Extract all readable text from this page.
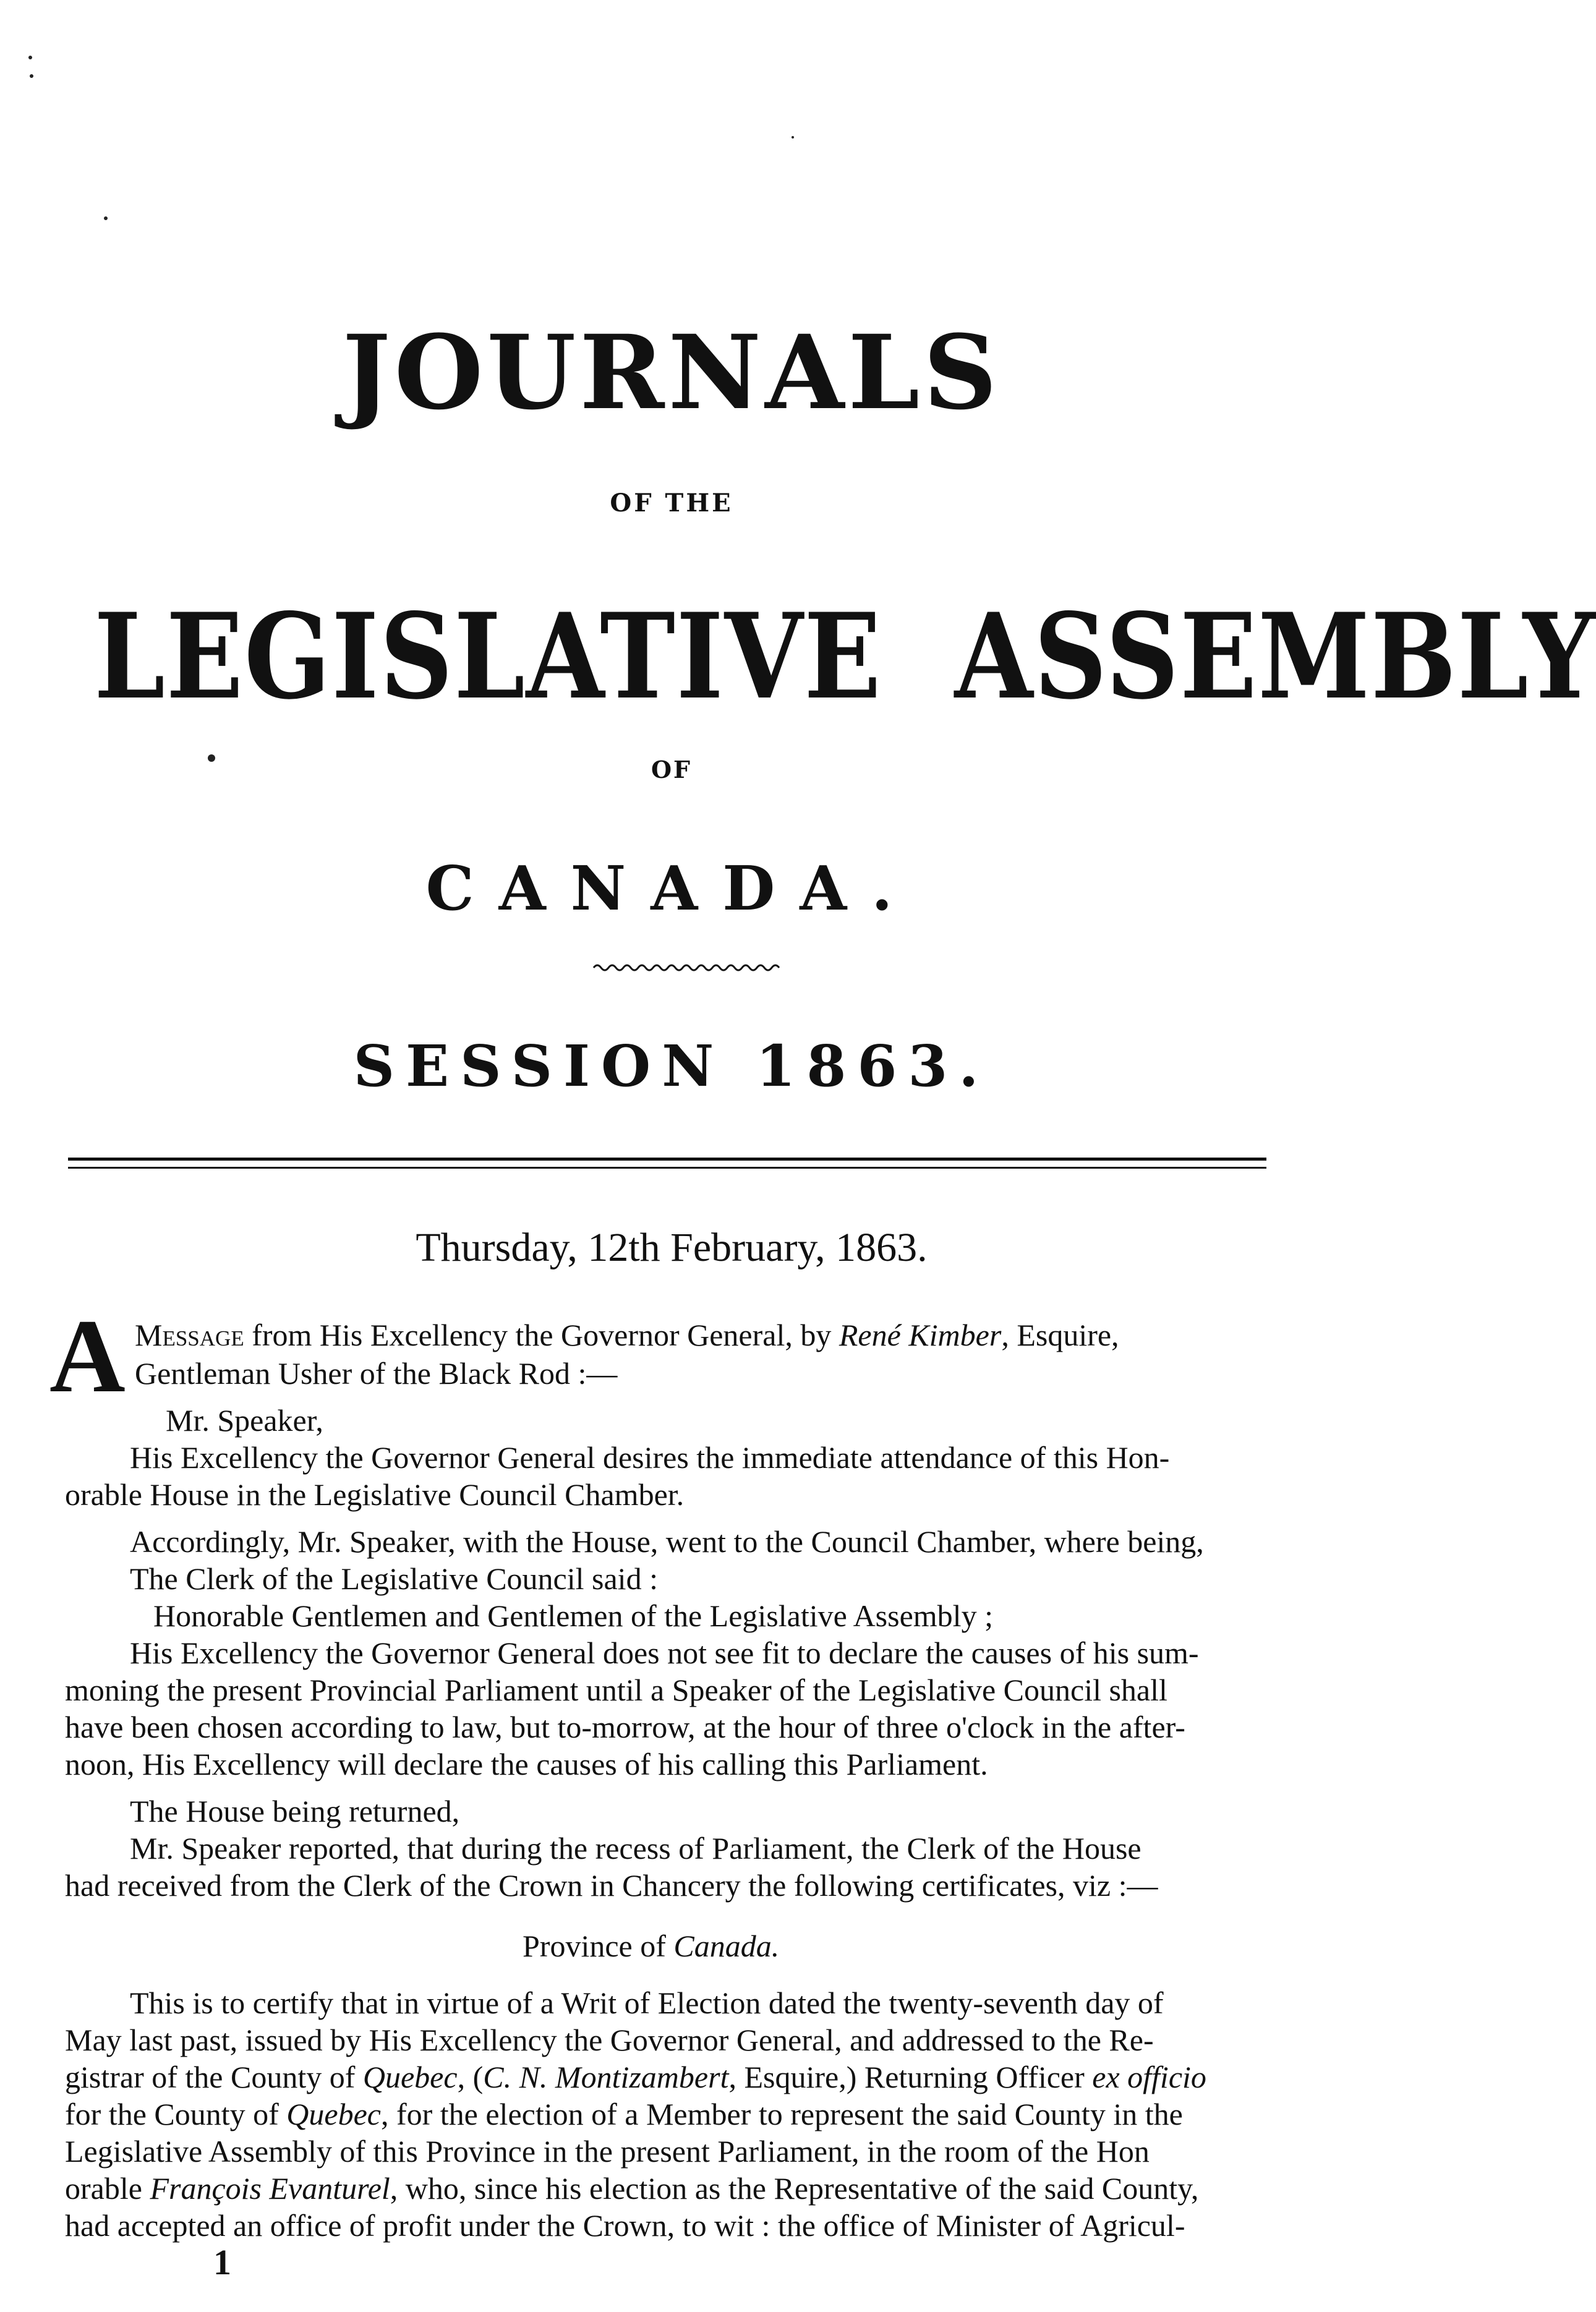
JOURNALS
OF THE
LEGISLATIVE  ASSEMBLY
OF
CANADA.
SESSION 1863.
Thursday, 12th February, 1863.
A Message from His Excellency the Governor General, by René Kimber, Esquire,
Gentleman Usher of the Black Rod :—
Mr. Speaker,
His Excellency the Governor General desires the immediate attendance of this Hon-
orable House in the Legislative Council Chamber.
Accordingly, Mr. Speaker, with the House, went to the Council Chamber, where being,
The Clerk of the Legislative Council said :
Honorable Gentlemen and Gentlemen of the Legislative Assembly ;
His Excellency the Governor General does not see fit to declare the causes of his sum-
moning the present Provincial Parliament until a Speaker of the Legislative Council shall
have been chosen according to law, but to-morrow, at the hour of three o'clock in the after-
noon, His Excellency will declare the causes of his calling this Parliament.
The House being returned,
Mr. Speaker reported, that during the recess of Parliament, the Clerk of the House
had received from the Clerk of the Crown in Chancery the following certificates, viz :—
Province of Canada.
This is to certify that in virtue of a Writ of Election dated the twenty-seventh day of
May last past, issued by His Excellency the Governor General, and addressed to the Re-
gistrar of the County of Quebec, (C. N. Montizambert, Esquire,) Returning Officer ex officio
for the County of Quebec, for the election of a Member to represent the said County in the
Legislative Assembly of this Province in the present Parliament, in the room of the Hon
orable François Evanturel, who, since his election as the Representative of the said County,
had accepted an office of profit under the Crown, to wit : the office of Minister of Agricul-
1
